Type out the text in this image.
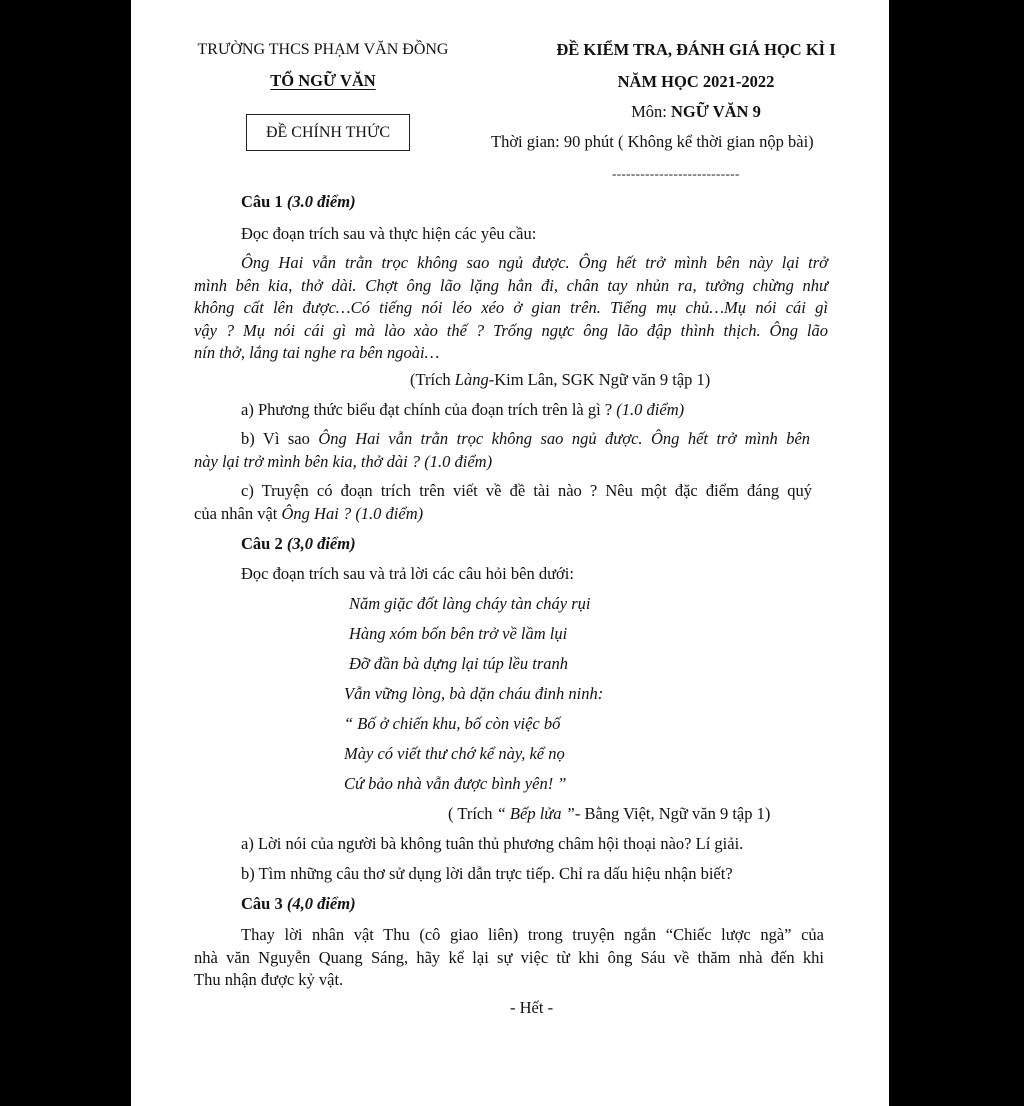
TRƯỜNG THCS PHẠM VĂN ĐỒNG
TỔ NGỮ VĂN
ĐỀ CHÍNH THỨC
ĐỀ KIỂM TRA, ĐÁNH GIÁ HỌC KÌ I
NĂM HỌC 2021-2022
Môn: NGỮ VĂN 9
Thời gian: 90 phút ( Không kể thời gian nộp bài)
---------------------------
Câu 1 (3.0 điểm)
Đọc đoạn trích sau và thực hiện các yêu cầu:
Ông Hai vẫn trằn trọc không sao ngủ được. Ông hết trở mình bên này lại trở
mình bên kia, thở dài. Chợt ông lão lặng hẳn đi, chân tay nhủn ra, tưởng chừng như
không cất lên được…Có tiếng nói léo xéo ở gian trên. Tiếng mụ chủ…Mụ nói cái gì
vậy ? Mụ nói cái gì mà lào xào thế ? Trống ngực ông lão đập thình thịch. Ông lão
nín thở, lắng tai nghe ra bên ngoài…
(Trích Làng-Kim Lân, SGK Ngữ văn 9 tập 1)
a) Phương thức biểu đạt chính của đoạn trích trên là gì ? (1.0 điểm)
b) Vì sao Ông Hai vẫn trằn trọc không sao ngủ được. Ông hết trở mình bên
này lại trở mình bên kia, thở dài ? (1.0 điểm)
c) Truyện có đoạn trích trên viết về đề tài nào ? Nêu một đặc điểm đáng quý
của nhân vật Ông Hai ? (1.0 điểm)
Câu 2 (3,0 điểm)
Đọc đoạn trích sau và trả lời các câu hỏi bên dưới:
Năm giặc đốt làng cháy tàn cháy rụi
Hàng xóm bốn bên trở về lầm lụi
Đỡ đần bà dựng lại túp lều tranh
Vẫn vững lòng, bà dặn cháu đinh ninh:
“ Bố ở chiến khu, bố còn việc bố
Mày có viết thư chớ kể này, kể nọ
Cứ bảo nhà vẫn được bình yên! ”
( Trích “ Bếp lửa ”- Bằng Việt, Ngữ văn 9 tập 1)
a) Lời nói của người bà không tuân thủ phương châm hội thoại nào? Lí giải.
b) Tìm những câu thơ sử dụng lời dẫn trực tiếp. Chỉ ra dấu hiệu nhận biết?
Câu 3 (4,0 điểm)
Thay lời nhân vật Thu (cô giao liên) trong truyện ngắn “Chiếc lược ngà” của
nhà văn Nguyễn Quang Sáng, hãy kể lại sự việc từ khi ông Sáu về thăm nhà đến khi
Thu nhận được kỷ vật.
- Hết -
